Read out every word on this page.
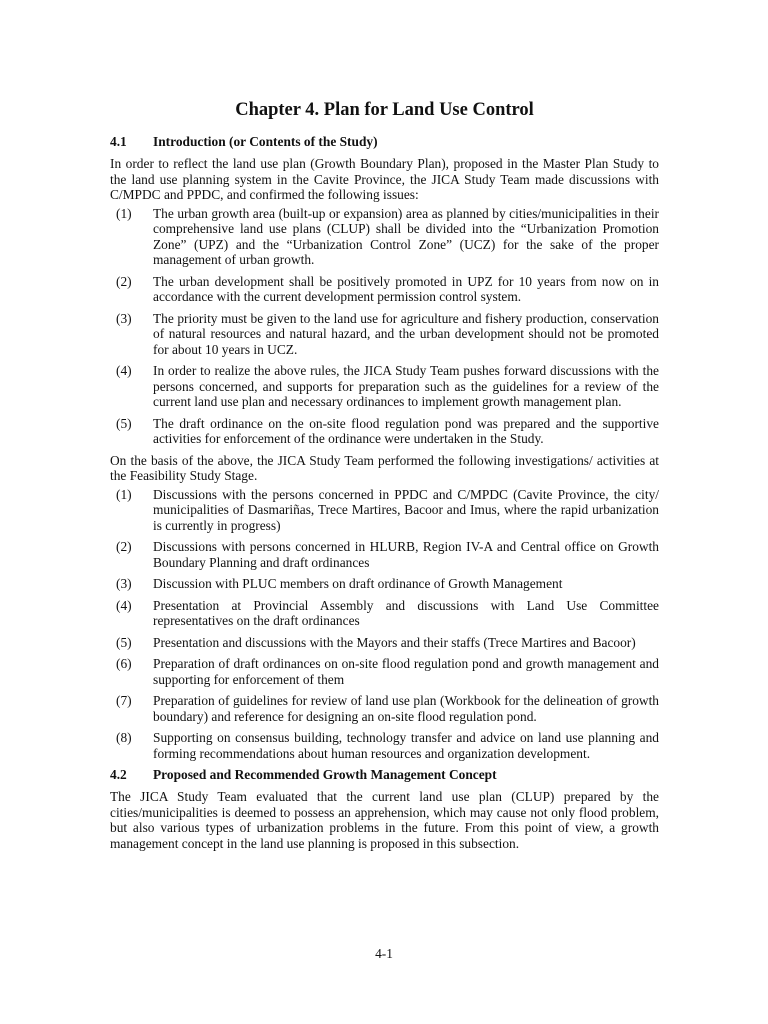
Chapter 4. Plan for Land Use Control
4.1	Introduction (or Contents of the Study)

In order to reflect the land use plan (Growth Boundary Plan), proposed in the Master Plan Study to the land use planning system in the Cavite Province, the JICA Study Team made discussions with C/MPDC and PPDC, and confirmed the following issues:

(1)	The urban growth area (built-up or expansion) area as planned by cities/municipalities in their comprehensive land use plans (CLUP) shall be divided into the “Urbanization Promotion Zone” (UPZ) and the “Urbanization Control Zone” (UCZ) for the sake of the proper management of urban growth.
(2)	The urban development shall be positively promoted in UPZ for 10 years from now on in accordance with the current development permission control system.
(3)	The priority must be given to the land use for agriculture and fishery production, conservation of natural resources and natural hazard, and the urban development should not be promoted for about 10 years in UCZ.
(4)	In order to realize the above rules, the JICA Study Team pushes forward discussions with the persons concerned, and supports for preparation such as the guidelines for a review of the current land use plan and necessary ordinances to implement growth management plan.
(5)	The draft ordinance on the on-site flood regulation pond was prepared and the supportive activities for enforcement of the ordinance were undertaken in the Study.

On the basis of the above, the JICA Study Team performed the following investigations/ activities at the Feasibility Study Stage.

(1)	Discussions with the persons concerned in PPDC and C/MPDC (Cavite Province, the city/ municipalities of Dasmariñas, Trece Martires, Bacoor and Imus, where the rapid urbanization is currently in progress)
(2)	Discussions with persons concerned in HLURB, Region IV-A and Central office on Growth Boundary Planning and draft ordinances
(3)	Discussion with PLUC members on draft ordinance of Growth Management
(4)	Presentation at Provincial Assembly and discussions with Land Use Committee representatives on the draft ordinances
(5)	Presentation and discussions with the Mayors and their staffs (Trece Martires and Bacoor)
(6)	Preparation of draft ordinances on on-site flood regulation pond and growth management and supporting for enforcement of them
(7)	Preparation of guidelines for review of land use plan (Workbook for the delineation of growth boundary) and reference for designing an on-site flood regulation pond.
(8)	Supporting on consensus building, technology transfer and advice on land use planning and forming recommendations about human resources and organization development.
4.2	Proposed and Recommended Growth Management Concept

The JICA Study Team evaluated that the current land use plan (CLUP) prepared by the cities/municipalities is deemed to possess an apprehension, which may cause not only flood problem, but also various types of urbanization problems in the future. From this point of view, a growth management concept in the land use planning is proposed in this subsection.

4-1
